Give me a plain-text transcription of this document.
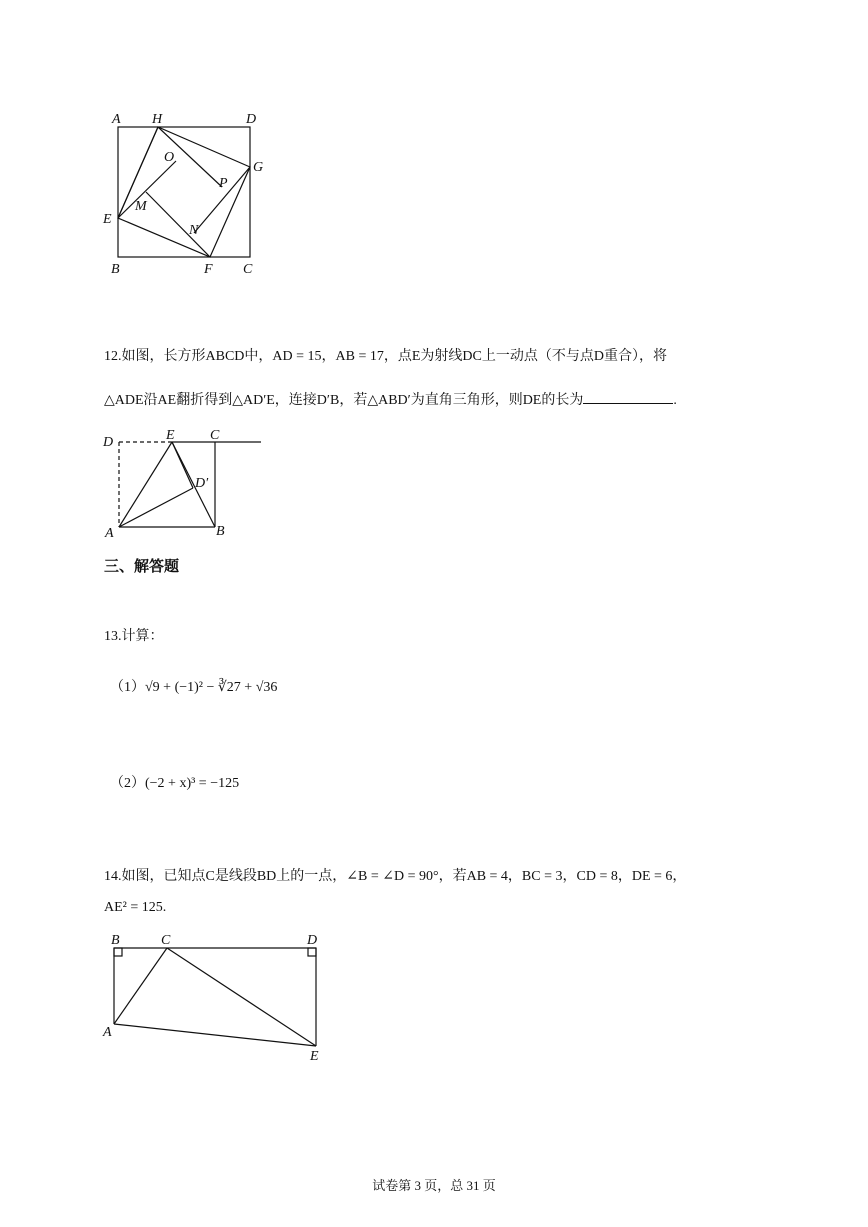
A H	D
O
G
P
M
E
N
B	F C
12.如图，长方形ABCD中，AD = 15，AB = 17，点E为射线DC上一动点（不与点D重合），将
△ADE沿AE翻折得到△AD′E，连接D′B，若△ABD′为直角三角形，则DE的长为	.
D	E	C
D′
A	B
三、解答题
13.计算：
（1）√9 + (−1)² − ∛27 + √36
（2）(−2 + x)³ = −125
14.如图，已知点C是线段BD上的一点，∠B = ∠D = 90°，若AB = 4，BC = 3，CD = 8，DE = 6，
AE² = 125.
B	C	D
A
E
试卷第 3 页，总 31 页
